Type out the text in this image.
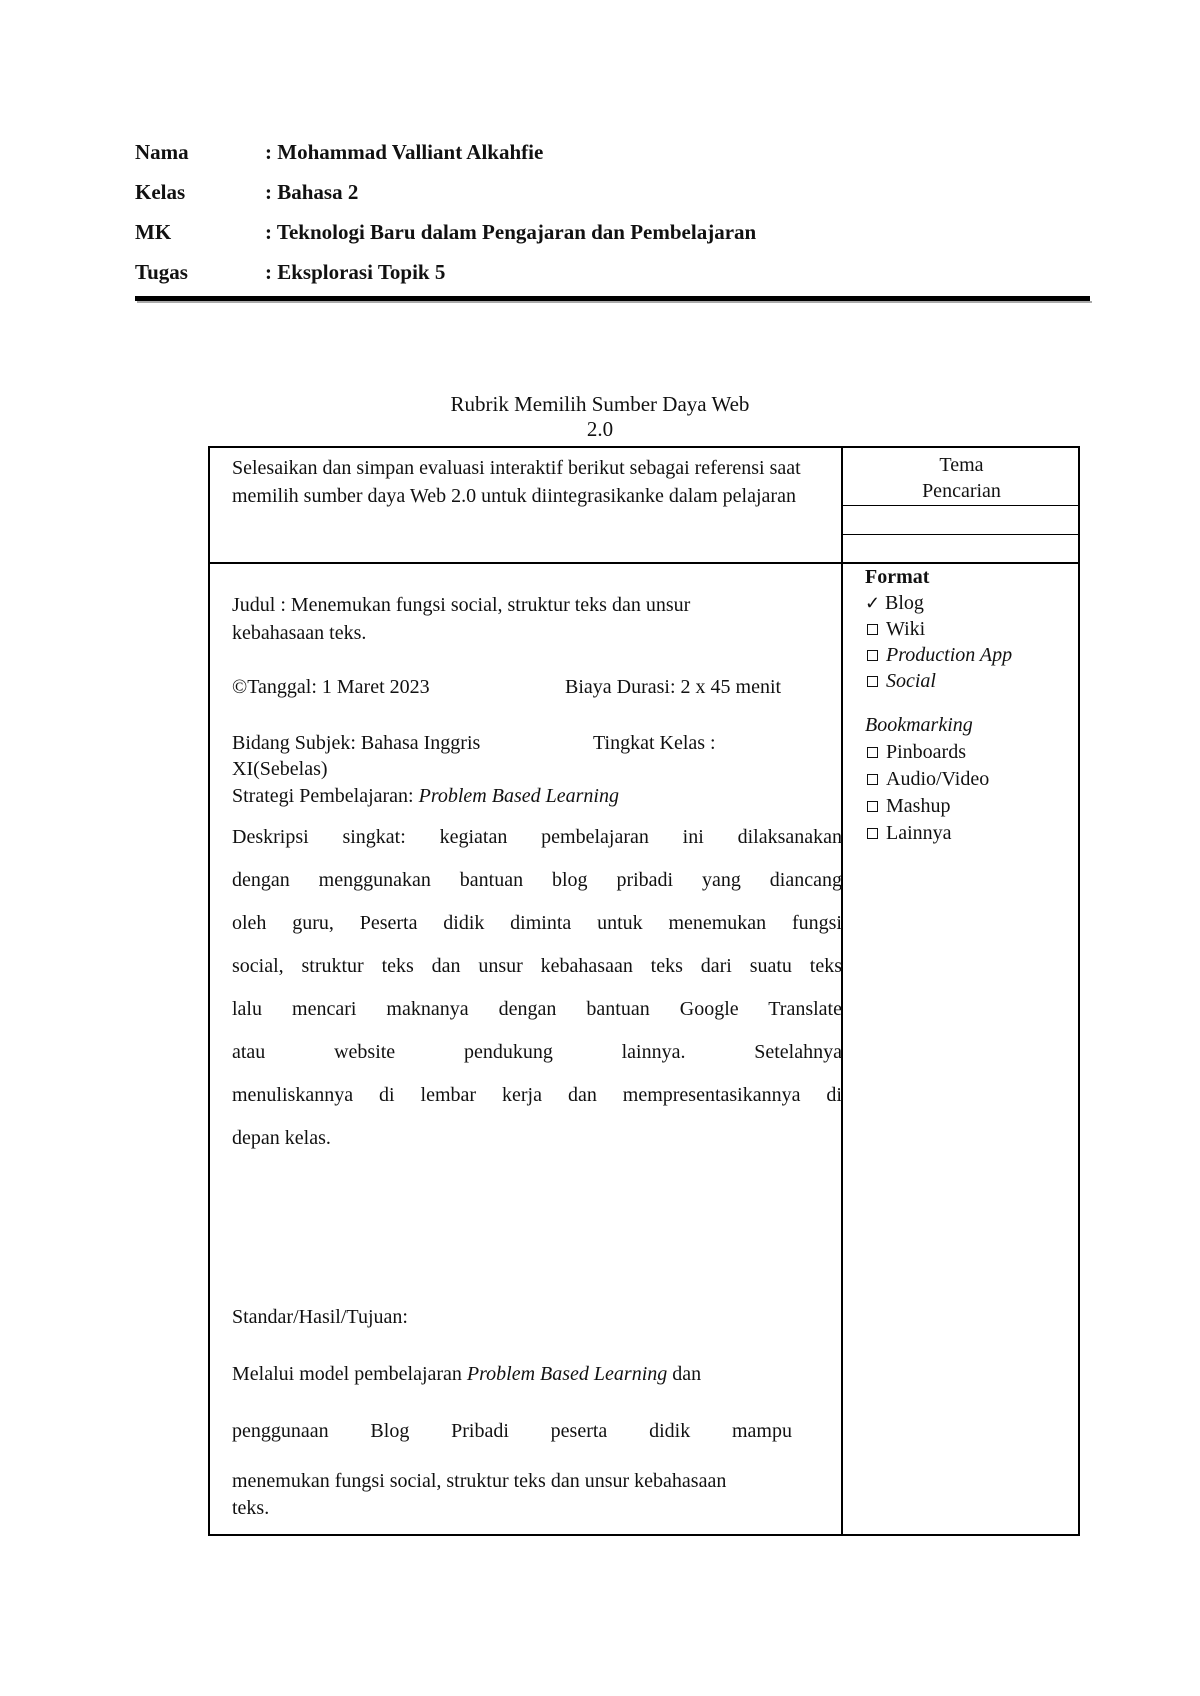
Nama	: Mohammad Valliant Alkahfie
Kelas	: Bahasa 2
MK	: Teknologi Baru dalam Pengajaran dan Pembelajaran
Tugas	: Eksplorasi Topik 5
Rubrik Memilih Sumber Daya Web
2.0
Selesaikan dan simpan evaluasi interaktif berikut sebagai referensi saat memilih sumber daya Web 2.0 untuk diintegrasikanke dalam pelajaran
Tema
Pencarian
Judul : Menemukan fungsi social, struktur teks dan unsur
kebahasaan teks.
©Tanggal: 1 Maret 2023	Biaya Durasi: 2 x 45 menit
Bidang Subjek: Bahasa Inggris	Tingkat Kelas :
XI(Sebelas)
Strategi Pembelajaran: Problem Based Learning
Deskripsi singkat: kegiatan pembelajaran ini dilaksanakan
dengan menggunakan bantuan blog pribadi yang diancang
oleh guru, Peserta didik diminta untuk menemukan fungsi
social, struktur teks dan unsur kebahasaan teks dari suatu teks
lalu mencari maknanya dengan bantuan Google Translate
atau website pendukung lainnya. Setelahnya
menuliskannya di lembar kerja dan mempresentasikannya di
depan kelas.
Standar/Hasil/Tujuan:
Melalui model pembelajaran Problem Based Learning dan
penggunaan Blog Pribadi peserta didik mampu
menemukan fungsi social, struktur teks dan unsur kebahasaan
teks.
Format
✓ Blog
Wiki
Production App
Social
Bookmarking
Pinboards
Audio/Video
Mashup
Lainnya
